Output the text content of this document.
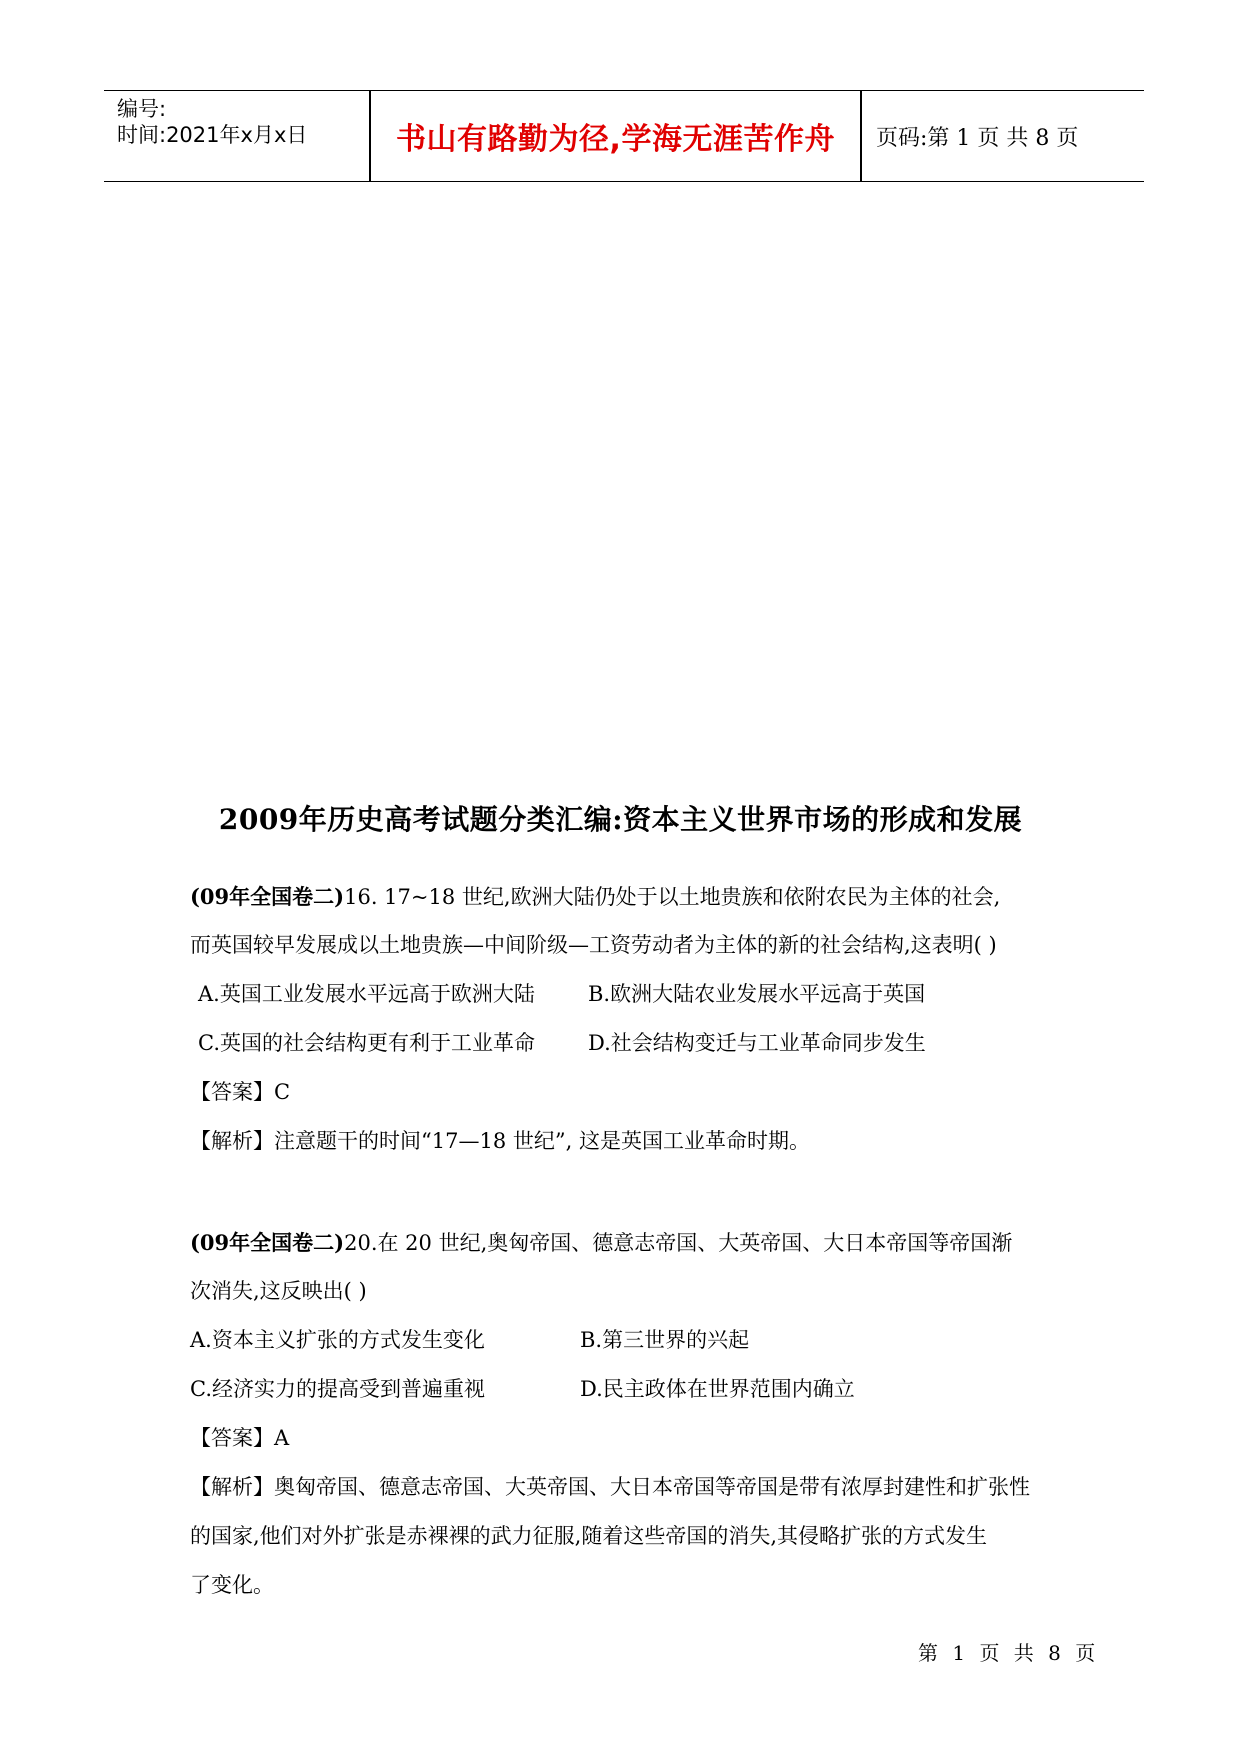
编号:
时间:2021年x月x日	书山有路勤为径,学海无涯苦作舟	页码:第 1 页 共 8 页
2009年历史高考试题分类汇编:资本主义世界市场的形成和发展
(09年全国卷二)16. 17~18 世纪,欧洲大陆仍处于以土地贵族和依附农民为主体的社会,
而英国较早发展成以土地贵族—中间阶级—工资劳动者为主体的新的社会结构,这表明( )
A.英国工业发展水平远高于欧洲大陆	B.欧洲大陆农业发展水平远高于英国
C.英国的社会结构更有利于工业革命	D.社会结构变迁与工业革命同步发生
【答案】C
【解析】注意题干的时间“17—18 世纪”, 这是英国工业革命时期。
(09年全国卷二)20.在 20 世纪,奥匈帝国、德意志帝国、大英帝国、大日本帝国等帝国渐
次消失,这反映出( )
A.资本主义扩张的方式发生变化	B.第三世界的兴起
C.经济实力的提高受到普遍重视	D.民主政体在世界范围内确立
【答案】A
【解析】奥匈帝国、德意志帝国、大英帝国、大日本帝国等帝国是带有浓厚封建性和扩张性
的国家,他们对外扩张是赤裸裸的武力征服,随着这些帝国的消失,其侵略扩张的方式发生
了变化。
第 1 页 共 8 页
